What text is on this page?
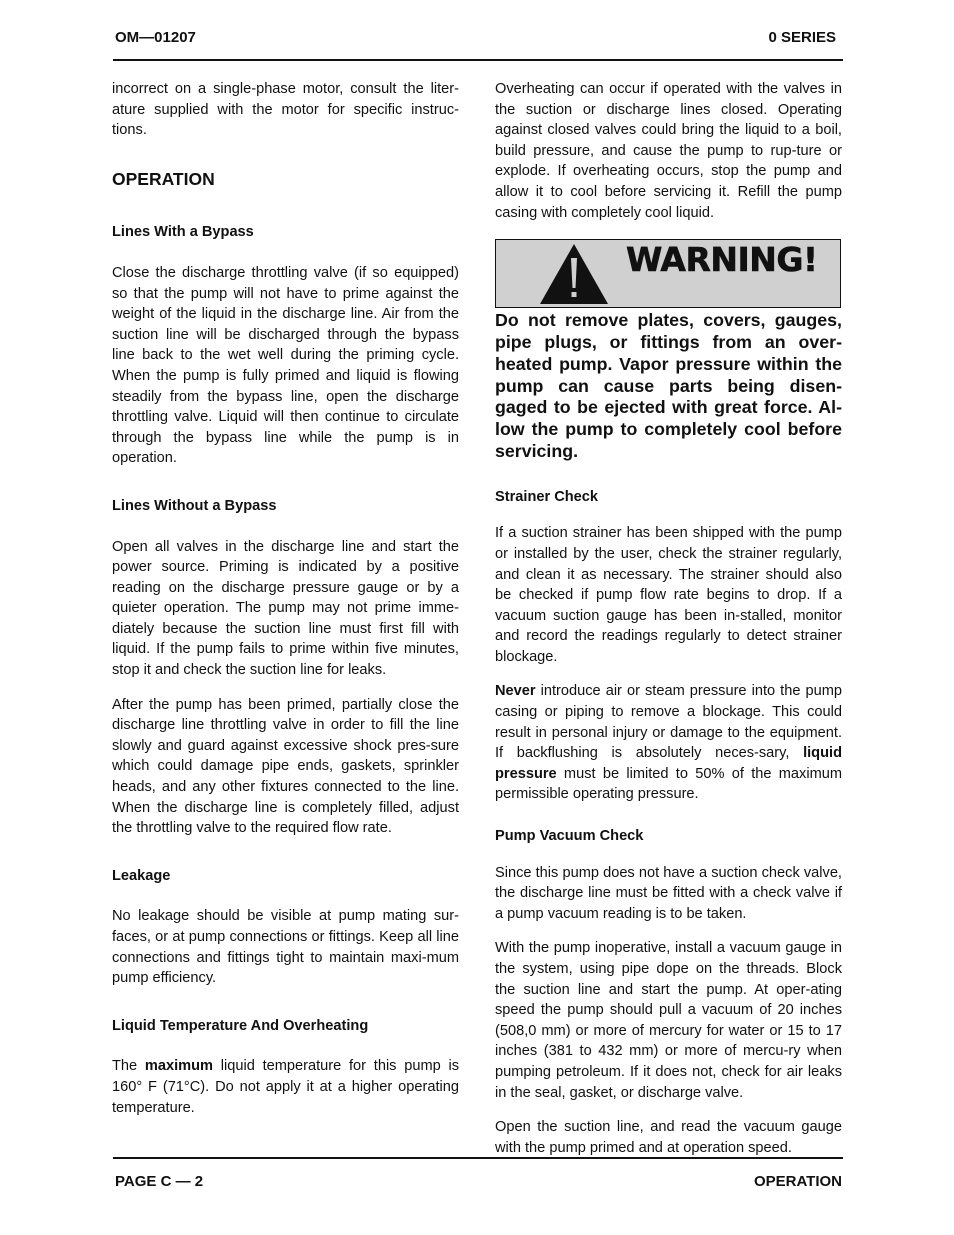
OM—01207	0 SERIES

incorrect on a single-phase motor, consult the liter-ature supplied with the motor for specific instruc-tions.

OPERATION
Lines With a Bypass

Close the discharge throttling valve (if so equipped) so that the pump will not have to prime against the weight of the liquid in the discharge line. Air from the suction line will be discharged through the bypass line back to the wet well during the priming cycle. When the pump is fully primed and liquid is flowing steadily from the bypass line, open the discharge throttling valve. Liquid will then continue to circulate through the bypass line while the pump is in operation.

Lines Without a Bypass

Open all valves in the discharge line and start the power source. Priming is indicated by a positive reading on the discharge pressure gauge or by a quieter operation. The pump may not prime imme-diately because the suction line must first fill with liquid. If the pump fails to prime within five minutes, stop it and check the suction line for leaks.

After the pump has been primed, partially close the discharge line throttling valve in order to fill the line slowly and guard against excessive shock pres-sure which could damage pipe ends, gaskets, sprinkler heads, and any other fixtures connected to the line. When the discharge line is completely filled, adjust the throttling valve to the required flow rate.

Leakage

No leakage should be visible at pump mating sur-faces, or at pump connections or fittings. Keep all line connections and fittings tight to maintain maxi-mum pump efficiency.

Liquid Temperature And Overheating

The maximum liquid temperature for this pump is 160° F (71°C). Do not apply it at a higher operating temperature.

Overheating can occur if operated with the valves in the suction or discharge lines closed. Operating against closed valves could bring the liquid to a boil, build pressure, and cause the pump to rup-ture or explode. If overheating occurs, stop the pump and allow it to cool before servicing it. Refill the pump casing with completely cool liquid.

WARNING!

Do not remove plates, covers, gauges, pipe plugs, or fittings from an over-heated pump. Vapor pressure within the pump can cause parts being disen-gaged to be ejected with great force. Al-low the pump to completely cool before servicing.

Strainer Check

If a suction strainer has been shipped with the pump or installed by the user, check the strainer regularly, and clean it as necessary. The strainer should also be checked if pump flow rate begins to drop. If a vacuum suction gauge has been in-stalled, monitor and record the readings regularly to detect strainer blockage.

Never introduce air or steam pressure into the pump casing or piping to remove a blockage. This could result in personal injury or damage to the equipment. If backflushing is absolutely neces-sary, liquid pressure must be limited to 50% of the maximum permissible operating pressure.

Pump Vacuum Check

Since this pump does not have a suction check valve, the discharge line must be fitted with a check valve if a pump vacuum reading is to be taken.

With the pump inoperative, install a vacuum gauge in the system, using pipe dope on the threads. Block the suction line and start the pump. At oper-ating speed the pump should pull a vacuum of 20 inches (508,0 mm) or more of mercury for water or 15 to 17 inches (381 to 432 mm) or more of mercu-ry when pumping petroleum. If it does not, check for air leaks in the seal, gasket, or discharge valve.

Open the suction line, and read the vacuum gauge with the pump primed and at operation speed.

PAGE C — 2	OPERATION
